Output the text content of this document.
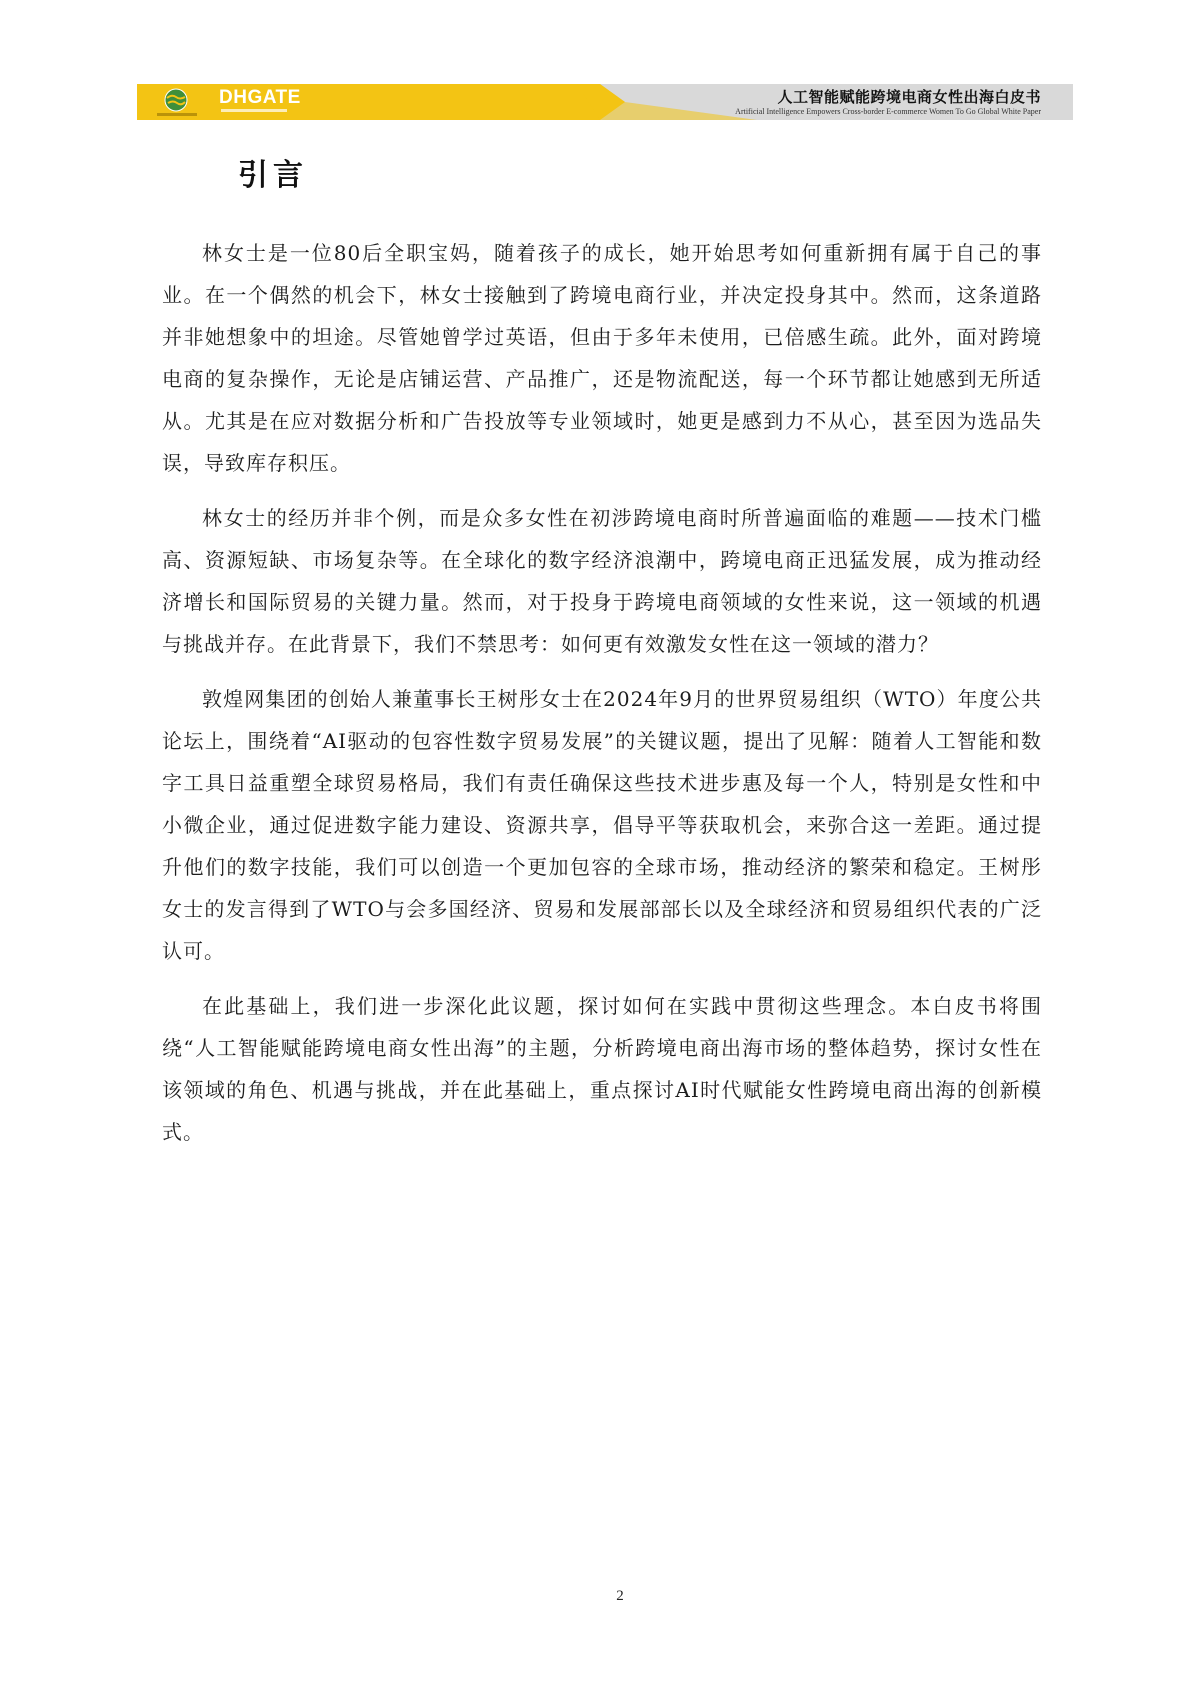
DHGATE	人工智能赋能跨境电商女性出海白皮书
Artificial Intelligence Empowers Cross-border E-commerce Women To Go Global White Paper
引言

林女士是一位80后全职宝妈，随着孩子的成长，她开始思考如何重新拥有属于自己的事业。在一个偶然的机会下，林女士接触到了跨境电商行业，并决定投身其中。然而，这条道路并非她想象中的坦途。尽管她曾学过英语，但由于多年未使用，已倍感生疏。此外，面对跨境电商的复杂操作，无论是店铺运营、产品推广，还是物流配送，每一个环节都让她感到无所适从。尤其是在应对数据分析和广告投放等专业领域时，她更是感到力不从心，甚至因为选品失误，导致库存积压。

林女士的经历并非个例，而是众多女性在初涉跨境电商时所普遍面临的难题——技术门槛高、资源短缺、市场复杂等。在全球化的数字经济浪潮中，跨境电商正迅猛发展，成为推动经济增长和国际贸易的关键力量。然而，对于投身于跨境电商领域的女性来说，这一领域的机遇与挑战并存。在此背景下，我们不禁思考：如何更有效激发女性在这一领域的潜力？

敦煌网集团的创始人兼董事长王树彤女士在2024年9月的世界贸易组织（WTO）年度公共论坛上，围绕着“AI驱动的包容性数字贸易发展”的关键议题，提出了见解：随着人工智能和数字工具日益重塑全球贸易格局，我们有责任确保这些技术进步惠及每一个人，特别是女性和中小微企业，通过促进数字能力建设、资源共享，倡导平等获取机会，来弥合这一差距。通过提升他们的数字技能，我们可以创造一个更加包容的全球市场，推动经济的繁荣和稳定。王树彤女士的发言得到了WTO与会多国经济、贸易和发展部部长以及全球经济和贸易组织代表的广泛认可。

在此基础上，我们进一步深化此议题，探讨如何在实践中贯彻这些理念。本白皮书将围绕“人工智能赋能跨境电商女性出海”的主题，分析跨境电商出海市场的整体趋势，探讨女性在该领域的角色、机遇与挑战，并在此基础上，重点探讨AI时代赋能女性跨境电商出海的创新模式。

2
